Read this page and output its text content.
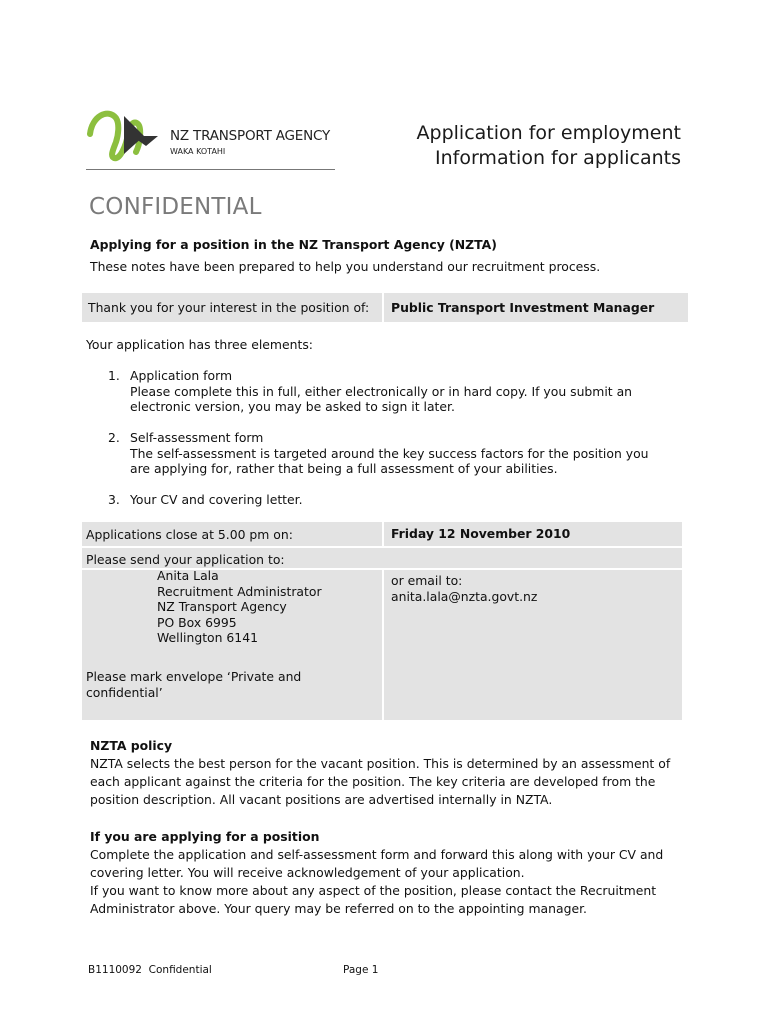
NZ TRANSPORT AGENCY
WAKA KOTAHI
Application for employment
Information for applicants
CONFIDENTIAL
Applying for a position in the NZ Transport Agency (NZTA)
These notes have been prepared to help you understand our recruitment process.
Thank you for your interest in the position of: Public Transport Investment Manager
Your application has three elements:
1. Application form
Please complete this in full, either electronically or in hard copy. If you submit an
electronic version, you may be asked to sign it later.
2. Self-assessment form
The self-assessment is targeted around the key success factors for the position you
are applying for, rather that being a full assessment of your abilities.
3. Your CV and covering letter.
Applications close at 5.00 pm on:	Friday 12 November 2010
Please send your application to:
Anita Lala
Recruitment Administrator
NZ Transport Agency
PO Box 6995
Wellington 6141
Please mark envelope ‘Private and
confidential’
or email to:
anita.lala@nzta.govt.nz
NZTA policy
NZTA selects the best person for the vacant position. This is determined by an assessment of
each applicant against the criteria for the position. The key criteria are developed from the
position description. All vacant positions are advertised internally in NZTA.
If you are applying for a position
Complete the application and self-assessment form and forward this along with your CV and
covering letter. You will receive acknowledgement of your application.
If you want to know more about any aspect of the position, please contact the Recruitment
Administrator above. Your query may be referred on to the appointing manager.
B1110092 Confidential	Page 1
